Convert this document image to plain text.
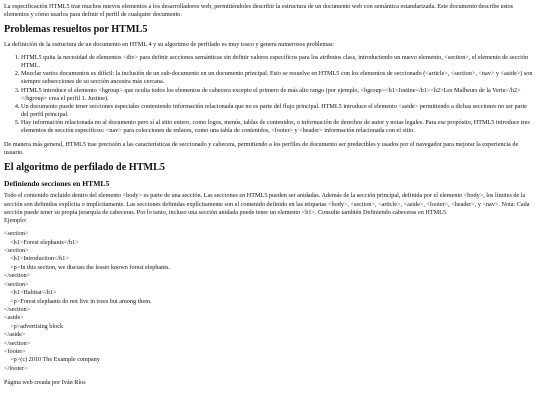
La especificación HTML5 trae muchos nuevos elementos a los desarrolladores web, permitiéndoles describir la estructura de un documento web con semántica estandarizada. Este documento describe estos elementos y cómo usarlos para definir el perfil de cualquier documento.

Problemas resueltos por HTML5

La definición de la estructura de un documento en HTML 4 y su algoritmo de perfilado es muy tosco y genera numerosos problemas:

1. HTML5 quita la necesidad de elementos <div> para definir secciones semánticas sin definir valores específicos para los atributos class, introduciendo un nuevo elemento, <section>, el elemento de sección HTML.
2. Mezclar varios documentos es difícil: la inclusión de un sub-documento en un documento principal. Esto se resuelve en HTML5 con los elementos de seccionado (<article>, <section>, <nav> y <aside>) son siempre subsecciones de su sección ancestra más cercana.
3. HTML5 introduce el elemento <hgroup> que oculta todos los elementos de cabecera excepto el primero de más alto rango (por ejemplo, <hgroup><h1>Justine</h1><h2>Les Malheurs de la Vertu</h2></hgroup> crea el perfil 1. Justine).
4. Un documento puede tener secciones especiales conteniendo información relacionada que no es parte del flujo principal. HTML5 introduce el elemento <aside> permitiendo a dichas secciones no ser parte del perfil principal.
5. Hay información relacionada no al documento pero sí al sitio entero, como logos, menús, tablas de contenidos, o información de derechos de autor y notas legales. Para ese propósito, HTML5 introduce tres elementos de sección específicos: <nav> para colecciones de enlaces, como una tabla de contenidos, <footer> y <header> información relacionada con el sitio.

De manera más general, HTML5 trae precisión a las características de seccionado y cabecera, permitiendo a los perfiles de documento ser predecibles y usados por el navegador para mejorar la experiencia de usuario.

El algoritmo de perfilado de HTML5
Definiendo secciones en HTML5

Todo el contenido incluido dentro del elemento <body> es parte de una sección. Las secciones en HTML5 pueden ser anidadas. Además de la sección principal, definida por el elemento <body>, los límites de la sección son definidos explícita o implícitamente. Las secciones definidas explícitamente son el contenido definido en las etiquetas <body>, <section>, <article>, <aside>, <footer>, <header>, y <nav>. Nota: Cada sección puede tener su propia jerarquía de cabeceras. Por lo tanto, incluso una sección anidada puede tener un elemento <h1>. Consulte también Definiendo cabeceras en HTML5.
Ejemplo:

<section>
<h1>Forest elephants</h1>
<section>
<h1>Introduction</h1>
<p>In this section, we discuss the lesser known forest elephants.
</section>
<section>
<h1>Habitat</h1>
<p>Forest elephants do not live in trees but among them.
</section>
<aside>
<p>advertising block
</aside>
</section>
<footer>
<p>(c) 2010 The Example company
</footer>

Página web creada por Iván Ríos
